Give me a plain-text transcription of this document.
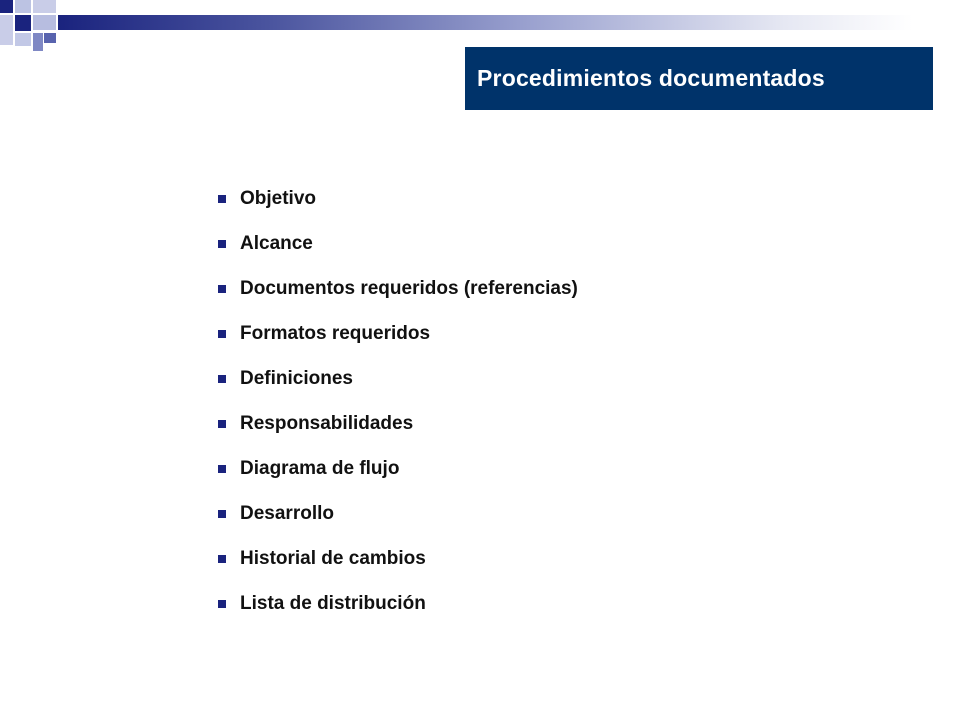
Procedimientos documentados
Objetivo
Alcance
Documentos requeridos (referencias)
Formatos requeridos
Definiciones
Responsabilidades
Diagrama de flujo
Desarrollo
Historial de cambios
Lista de distribución
